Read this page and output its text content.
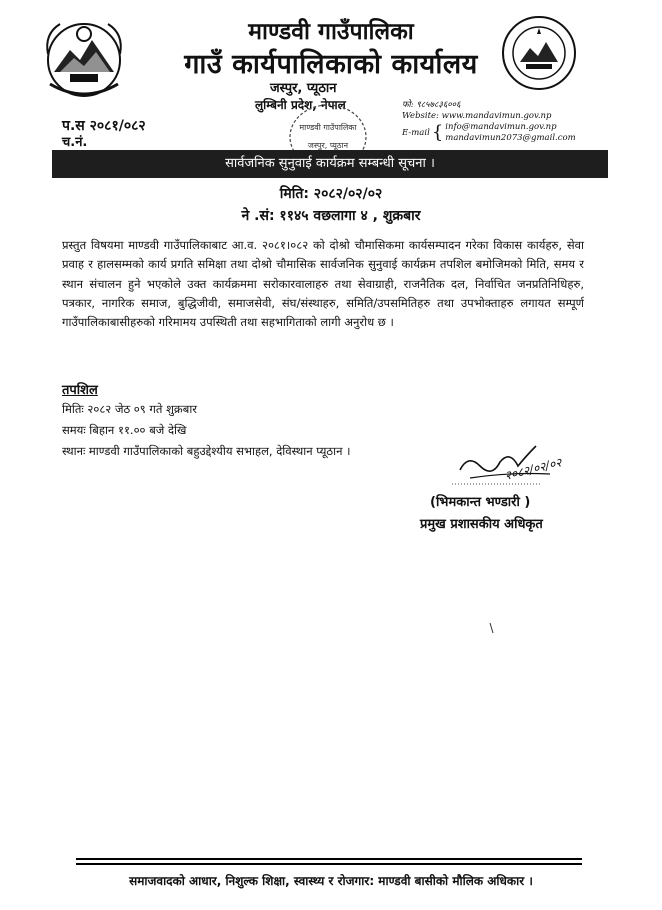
माण्डवी गाउँपालिका
गाउँ कार्यपालिकाको कार्यालय
जस्पुर, प्यूठान
लुम्बिनी प्रदेश, नेपाल
माण्डवी गाउँपालिका
जस्पुर, प्यूठान
प.स २०८१/०८२
च.नं.
फो: ९८५७८३६००६
Website: www.mandavimun.gov.np
E-mail { info@mandavimun.gov.np
mandavimun2073@gmail.com
सार्वजनिक सुनुवाई कार्यक्रम सम्बन्धी सूचना ।
मिति: २०८२/०२/०२
ने .सं: ११४५ वछलागा ४ , शुक्रबार
प्रस्तुत विषयमा माण्डवी गाउँपालिकाबाट आ.व. २०८१।०८२ को दोश्रो चौमासिकमा कार्यसम्पादन गरेका विकास कार्यहरु, सेवा प्रवाह र हालसम्मको कार्य प्रगति समिक्षा तथा दोश्रो चौमासिक सार्वजनिक सुनुवाई कार्यक्रम तपशिल बमोजिमको मिति, समय र स्थान संचालन हुने भएकोले उक्त कार्यक्रममा सरोकारवालाहरु तथा सेवाग्राही, राजनैतिक दल, निर्वाचित जनप्रतिनिधिहरु, पत्रकार, नागरिक समाज, बुद्धिजीवी, समाजसेवी, संघ/संस्थाहरु, समिति/उपसमितिहरु तथा उपभोक्ताहरु लगायत सम्पूर्ण गाउँपालिकाबासीहरुको गरिमामय उपस्थिती तथा सहभागिताको लागी अनुरोध छ ।
तपशिल
मितिः २०८२ जेठ ०९ गते शुक्रबार
समयः बिहान ११.०० बजे देखि
स्थानः माण्डवी गाउँपालिकाको बहुउद्देश्यीय सभाहल, देविस्थान प्यूठान ।
२०८२/०२/०२
(भिमकान्त भण्डारी )
प्रमुख प्रशासकीय अधिकृत
समाजवादको आधार, निशुल्क शिक्षा, स्वास्थ्य र रोजगार: माण्डवी बासीको मौलिक अधिकार ।
